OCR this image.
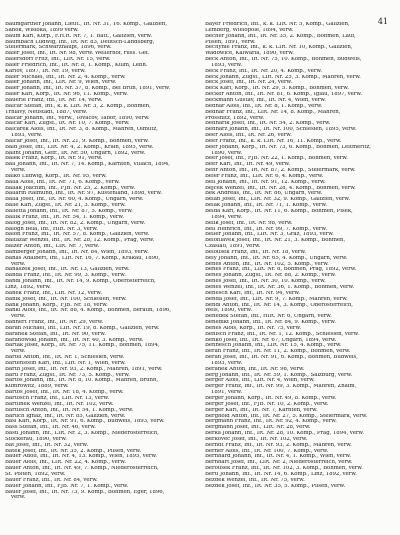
41

Baumgartner Johann, Lieut., IR. Nr. 31, 16. Komp., Galizien,

Sanok, Wisloka, 1899 verw.

Baum Karl, Korp., F.H.R. Nr. 7, 1. Batt., Galizien, verw.

Baumbach Ludwig, Inf., IR. Nr. 83, Deutsch-Landsberg,

Steiermark, Schwarzhaupt, 1896, verw.

Baier Josef, Inf., IR. Nr. 98, verw. Wellerhof, russ. Gef.

Baiersdorf Fritz, Inf., LIR. Nr. 15, verw.

Baier Friedrich, Inf., IR. Nr. 8, 1. Komp., Kulm, Lebh.

Karlov, 1897, IR. Nr. 19, verw.

Baier Michael, Inf., IR. Nr. 2, 4. Komp., verw.

Baier Johann, Inf., LIR. Nr. 9, Wien, verw.

Baier Johann, Inf., IR. Nr. 37, 8. Komp., Bei Brün, 1891, verw.

Baier Karl, Korp., IR. Nr. 96, 11. Komp., verw.

Bäuerle Franz, Inf., IR. Nr. 14, verw.

Balcar Stefan, Inf., k. k. LIR. Nr. 3, 2. Komp., Böhmen,

Trhlavy, Neustadt, 1887, verw.

Balcar Johann, Inf., verw., Tovačov, Tabor, 1890, verw.

Balcar Karl, Zugsf., IR. Nr. 10, 7. Komp., verw.

Balcárek Alois, Inf., IR. Nr. 3, 8. Komp., Mähren, Olmütz,

1893, verw.

Balcar Josef, Inf., IR. Nr. 21, 9. Komp., Böhmen, verw.

Bald Josef, Inf., LIR. Nr. 4, 2. Komp., Krain, 1895, verw.

Balint Johann, Gefr., IR. Nr. 50, Ungarn, 1892, verw.

Balek Franz, Korp., IR. Nr. 91, verw.

Ball Johann, Inf., IR. Nr. 7, 14. Komp., Kärnten, Villach, 1894,

verw.

Balko Ludwig, Korp., IR. Nr. 95, verw.

Balla Alois, Inf., IR. Nr. 71, 6. Komp., verw.

Ballák Joachim, Inf., FJB. Nr. 25, 2. Komp., verw.

Ballarin Raimund, Inf., IR. Nr. 97, Küstenland, 1898, verw.

Balla Josef, Inf., IR. Nr. 60, 4. Komp., Ungarn, verw.

Balle Karl, Zugsf., IR. Nr. 21, 3. Komp., verw.

Balletta Johann, Inf., IR. Nr. 87, 5. Komp., verw.

Ballik Franz, Inf., IR. Nr. 54, 1. Komp., verw.

Balog Josef, Inf., IR. Nr. 82, 2. Komp., Ungarn, verw.

Balogh Béla, Inf., HIR. Nr. 3, verw.

Balon Franz, Inf., IR. Nr. 57, 8. Komp., Galizien, verw.

Baltazar Wenzel, Inf., IR. Nr. 28, 12. Komp., Prag, verw.

Balzer Anton, Inf., LIR. Nr. 7, verw.

Bamberger Johann, Inf., IR. Nr. 84, Wien, 1893, verw.

Banas Adalbert, Inf., LIR. Nr. 16, 7. Komp., Krakau, 1890,

verw.

Banaszek Josef, Inf., IR. Nr. 13, Galizien, verw.

Banda Franz, Inf., IR. Nr. 99, 3. Komp., verw.

Bandl Johann, Inf., IR. Nr. 14, 9. Komp., Oberösterreich,

Linz, 1892, verw.

Banek Franz, Inf., LIR. Nr. 12, verw.

Banik Josef, Inf., IR. Nr. 100, Schlesien, verw.

Bank Johann, Korp., FJB. Nr. 18, verw.

Bankl Alois, Inf., IR. Nr. 88, 4. Komp., Böhmen, Beraun, 1896,

verw.

Bannert Franz, Inf., IR. Nr. 29, verw.

Baran Michael, Inf., LIR. Nr. 19, 8. Komp., Galizien, verw.

Baranek Stefan, Inf., IR. Nr. 90, verw.

Baranowski Johann, Inf., IR. Nr. 40, 3. Komp., verw.

Barták Josef, Korp., IR. Nr. 75, 11. Komp., Böhmen, 1894,

verw.

Bartel Anton, Inf., IR. Nr. 1, Schlesien, verw.

Bartenstein Karl, Inf., LIR. Nr. 1, Wien, verw.

Barth Josef, Inf., IR. Nr. 93, 2. Komp., Mähren, 1891, verw.

Bartl Franz, Zugsf., IR. Nr. 73, 5. Komp., verw.

Bartoš Johann, Inf., IR. Nr. 8, 10. Komp., Mähren, Brünn,

Kumrowitz, 1889, verw.

Bartos Josef, Inf., IR. Nr. 18, 4. Komp., verw.

Bartosch Franz, Inf., LIR. Nr. 13, verw.

Bartůněk Wenzel, Inf., IR. Nr. 102, verw.

Bartusch Anton, Inf., IR. Nr. 54, 1. Komp., verw.

Baruch Ignaz, Inf., IR. Nr. 85, Galizien, verw.

Basl Karl, Korp., IR. Nr. 91, 6. Komp., Budweis, 1893, verw.

Bass Stefan, Inf., IR. Nr. 46, verw.

Bastl Johann, Inf., LIR. Nr. 2, 3. Komp., Niederösterreich,

Stockerau, 1890, verw.

Bat Josef, Inf., IR. Nr. 32, verw.

Batek Josef, Inf., IR. Nr. 35, 2. Komp., Pilsen, verw.

Bauer Adolf, Inf., IR. Nr. 4, 13. Komp., Wien, 1895, verw.

Bauer Alois, Inf., LIR. Nr. 22, 4. Komp., verw.

Bauer Anton, Inf., IR. Nr. 49, 7. Komp., Niederösterreich,

St. Pölten, 1892, verw.

Bauer Franz, Inf., IR. Nr. 84, verw.

Bauer Johann, Inf., FJB. Nr. 7, 1. Komp., verw.

Bauer Josef, Inf., IR. Nr. 73, 9. Komp., Böhmen, Eger, 1896,

verw.

Bayer Friedrich, Inf., k. k. LIR. Nr. 5, Komp., Galizien,

Lemberg, Wielopole, 1894, verw.

Becher Johann, Inf., IR. Nr. 35, 2. Komp., Böhmen, Lauf,

Pilsen, 1891, verw.

Bechynie Franz, Inf., k. k. LIR. Nr. 10, Komp., Galizien,

Wadowice, Kalwaria, 1890, verw.

Beck Anton, Inf., IR. Nr. 75, 10. Komp., Böhmen, Budweis,

1893, verw.

Beck Franz, Inf., IR. Nr. 20, 4. Komp., verw.

Beck Johann, Zugsf., LIR. Nr. 25, 3. Komp., Mähren, verw.

Beck Josef, Inf., IR. Nr. 24, verw.

Beck Karl, Korp., IR. Nr. 29, 5. Komp., Böhmen, verw.

Becker Anton, Inf., IR. Nr. 81, 6. Komp., Iglau, 1897, verw.

Beckmann Gustav, Inf., IR. Nr. 4, Wien, verw.

Bednar Alois, Inf., IR. Nr. 8, 1. Komp., verw.

Bednář Franz, Inf., LIR. Nr. 14, 8. Komp., Mähren,

Prossnitz, 1892, verw.

Bednařík Josef, Inf., IR. Nr. 54, 2. Komp., verw.

Bednarz Johann, Inf., IR. Nr. 100, Schlesien, 1895, verw.

Beer Alois, Inf., IR. Nr. 26, verw.

Beer Franz, Inf., k. k. LIR. Nr. 16, 11. Komp., verw.

Beer Johann, Korp., IR. Nr. 73, 6. Komp., Böhmen, Leitmeritz,

1890, verw.

Beer Josef, Inf., FJB. Nr. 22, 1. Komp., Böhmen, verw.

Beer Karl, Inf., IR. Nr. 49, verw.

Behr Anton, Inf., IR. Nr. 87, 2. Komp., Steiermark, verw.

Beier Franz, Inf., LIR. Nr. 6, 4. Komp., verw.

Beil Johann, Inf., IR. Nr. 91, 12. Komp., verw.

Bejček Wenzel, Inf., IR. Nr. 28, 4. Komp., Böhmen, verw.

Bek Andreas, Inf., IR. Nr. 86, Ungarn, verw.

Belan Josef, Inf., LIR. Nr. 32, 9. Komp., Galizien, verw.

Belak Johann, Inf., IR. Nr. 71, 1. Komp., verw.

Belda Karl, Korp., IR. Nr. 11, 6. Komp., Böhmen, Písek,

1894, verw.

Belik Josef, Inf., IR. Nr. 98, verw.

Bell Heinrich, Inf., IR. Nr. 99, 7. Komp., verw.

Beller Johann, Inf., LIR. Nr. 3, Graz, 1893, verw.

Belohlavek Josef, Inf., IR. Nr. 21, 3. Komp., Böhmen,

Czaslau, 1891, verw.

Belousek Franz, Inf., IR. Nr. 18, verw.

Bely Johann, Inf., IR. Nr. 65, 4. Komp., Ungarn, verw.

Beneš Anton, Inf., IR. Nr. 102, 5. Komp., verw.

Beneš Franz, Inf., LIR. Nr. 8, Böhmen, Prag, 1892, verw.

Beneš Johann, Zugsf., IR. Nr. 88, 2. Komp., verw.

Beneš Josef, Inf., IR. Nr. 30, 10. Komp., verw.

Beneš Wenzel, Inf., IR. Nr. 36, 1. Komp., Böhmen, verw.

Benesch Karl, Inf., IR. Nr. 94, verw.

Benda Josef, Inf., LIR. Nr. 9, 7. Komp., Mähren, verw.

Bendl Anton, Inf., IR. Nr. 14, 3. Komp., Oberösterreich,

Wels, 1890, verw.

Benedek Stefan, Inf., HIR. Nr. 6, Ungarn, verw.

Benedikt Johann, Inf., IR. Nr. 84, 9. Komp., verw.

Benes Alois, Korp., IR. Nr. 75, verw.

Benisch Franz, Inf., IR. Nr. 1, 12. Komp., Schlesien, verw.

Benko Josef, Inf., IR. Nr. 67, Ungarn, 1894, verw.

Bennesch Johann, Inf., LIR. Nr. 15, 4. Komp., verw.

Berán Franz, Inf., IR. Nr. 11, 2. Komp., Böhmen, verw.

Beran Josef, Inf., IR. Nr. 91, 6. Komp., Böhmen, Budweis,

1893, verw.

Beranek Anton, Inf., IR. Nr. 98, verw.

Berg Johann, Inf., IR. Nr. 59, 1. Komp., Salzburg, verw.

Berger Alois, Inf., LIR. Nr. 4, Wien, verw.

Berger Franz, Inf., IR. Nr. 99, 3. Komp., Mähren, Znaim,

1891, verw.

Berger Johann, Korp., IR. Nr. 49, 8. Komp., verw.

Berger Josef, Inf., FJB. Nr. 10, 2. Komp., verw.

Berger Karl, Inf., IR. Nr. 7, Kärnten, verw.

Berghold Anton, Inf., IR. Nr. 27, 5. Komp., Steiermark, verw.

Bergmann Franz, Inf., IR. Nr. 92, 4. Komp., verw.

Bergmann Josef, Inf., LIR. Nr. 28, verw.

Berka Johann, Inf., IR. Nr. 28, 10. Komp., Prag, 1894, verw.

Berkovec Josef, Inf., IR. Nr. 102, verw.

Berndt Franz, Inf., IR. Nr. 93, 2. Komp., Mähren, verw.

Berner Alois, Inf., IR. Nr. 100, 7. Komp., verw.

Bernhard Johann, Inf., IR. Nr. 4, 1. Komp., Wien, verw.

Bernhart Josef, Inf., LIR. Nr. 2, Niederösterreich, verw.

Berousek Franz, Inf., IR. Nr. 102, 3. Komp., Böhmen, verw.

Bertl Johann, Inf., IR. Nr. 14, 6. Komp., Linz, 1892, verw.

Bezdek Wenzel, Inf., IR. Nr. 75, verw.

Bezděk Josef, Inf., IR. Nr. 35, 5. Komp., Pilsen, verw.
